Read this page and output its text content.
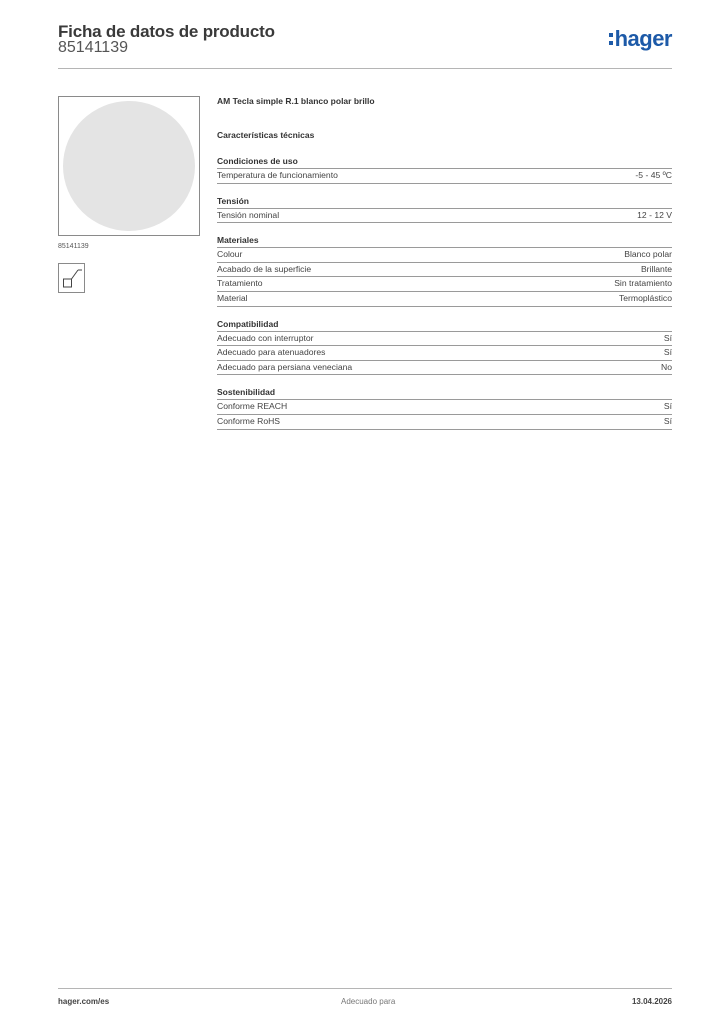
Ficha de datos de producto
85141139	hager
85141139
AM Tecla simple R.1 blanco polar brillo
Características técnicas
Condiciones de uso
Temperatura de funcionamiento	-5 - 45 ºC
Tensión
Tensión nominal	12 - 12 V
Materiales
Colour	Blanco polar
Acabado de la superficie	Brillante
Tratamiento	Sin tratamiento
Material	Termoplástico
Compatibilidad
Adecuado con interruptor	Sí
Adecuado para atenuadores	Sí
Adecuado para persiana veneciana	No
Sostenibilidad
Conforme REACH	Sí
Conforme RoHS	Sí
hager.com/es	Adecuado para	13.04.2026
